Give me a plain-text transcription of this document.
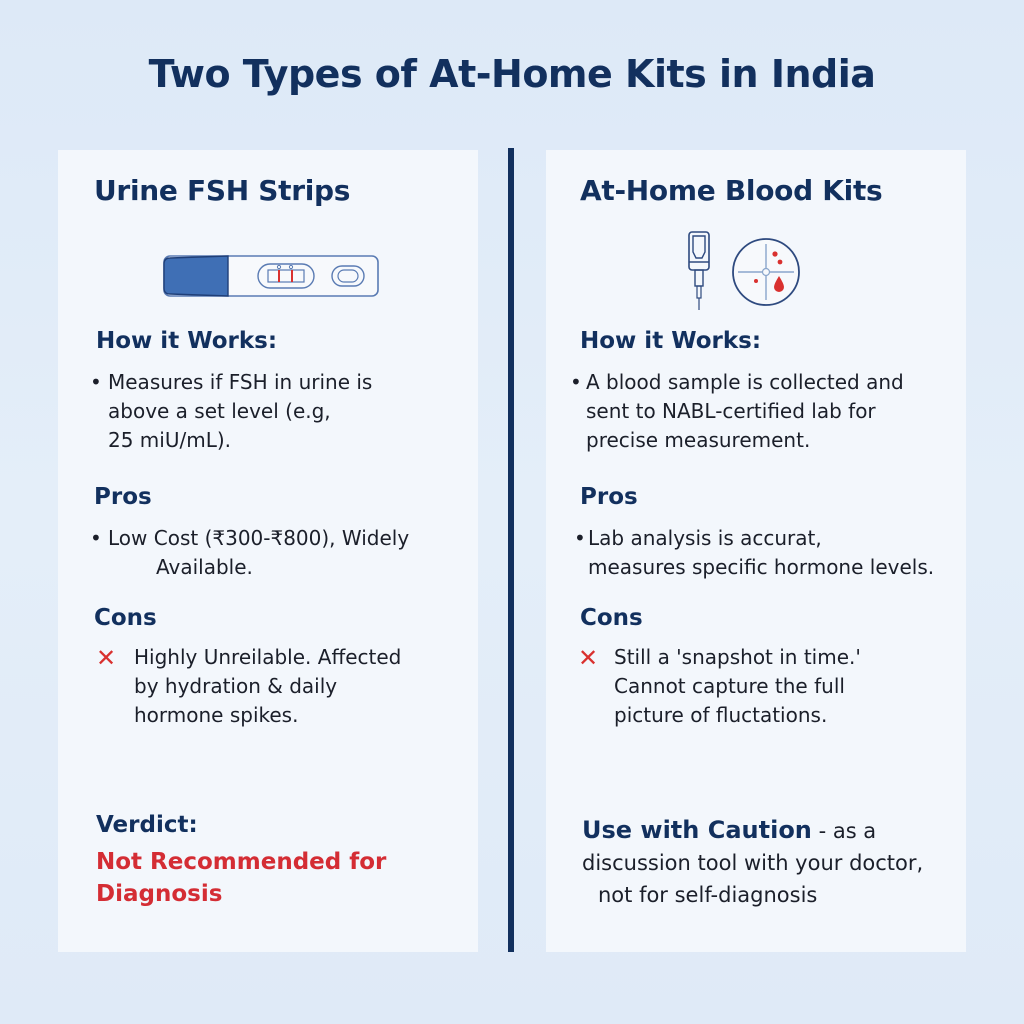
Two Types of At-Home Kits in India
Urine FSH Strips
How it Works:
• Measures if FSH in urine is
above a set level (e.g,
25 miU/mL).
Pros
• Low Cost (₹300-₹800), Widely
Available.
Cons
✕ Highly Unreilable. Affected
by hydration & daily
hormone spikes.
Verdict:
Not Recommended for
Diagnosis
At-Home Blood Kits
How it Works:
• A blood sample is collected and
sent to NABL-certified lab for
precise measurement.
Pros
• Lab analysis is accurat,
measures specific hormone levels.
Cons
✕ Still a 'snapshot in time.'
Cannot capture the full
picture of fluctations.
Use with Caution - as a
discussion tool with your doctor,
not for self-diagnosis
